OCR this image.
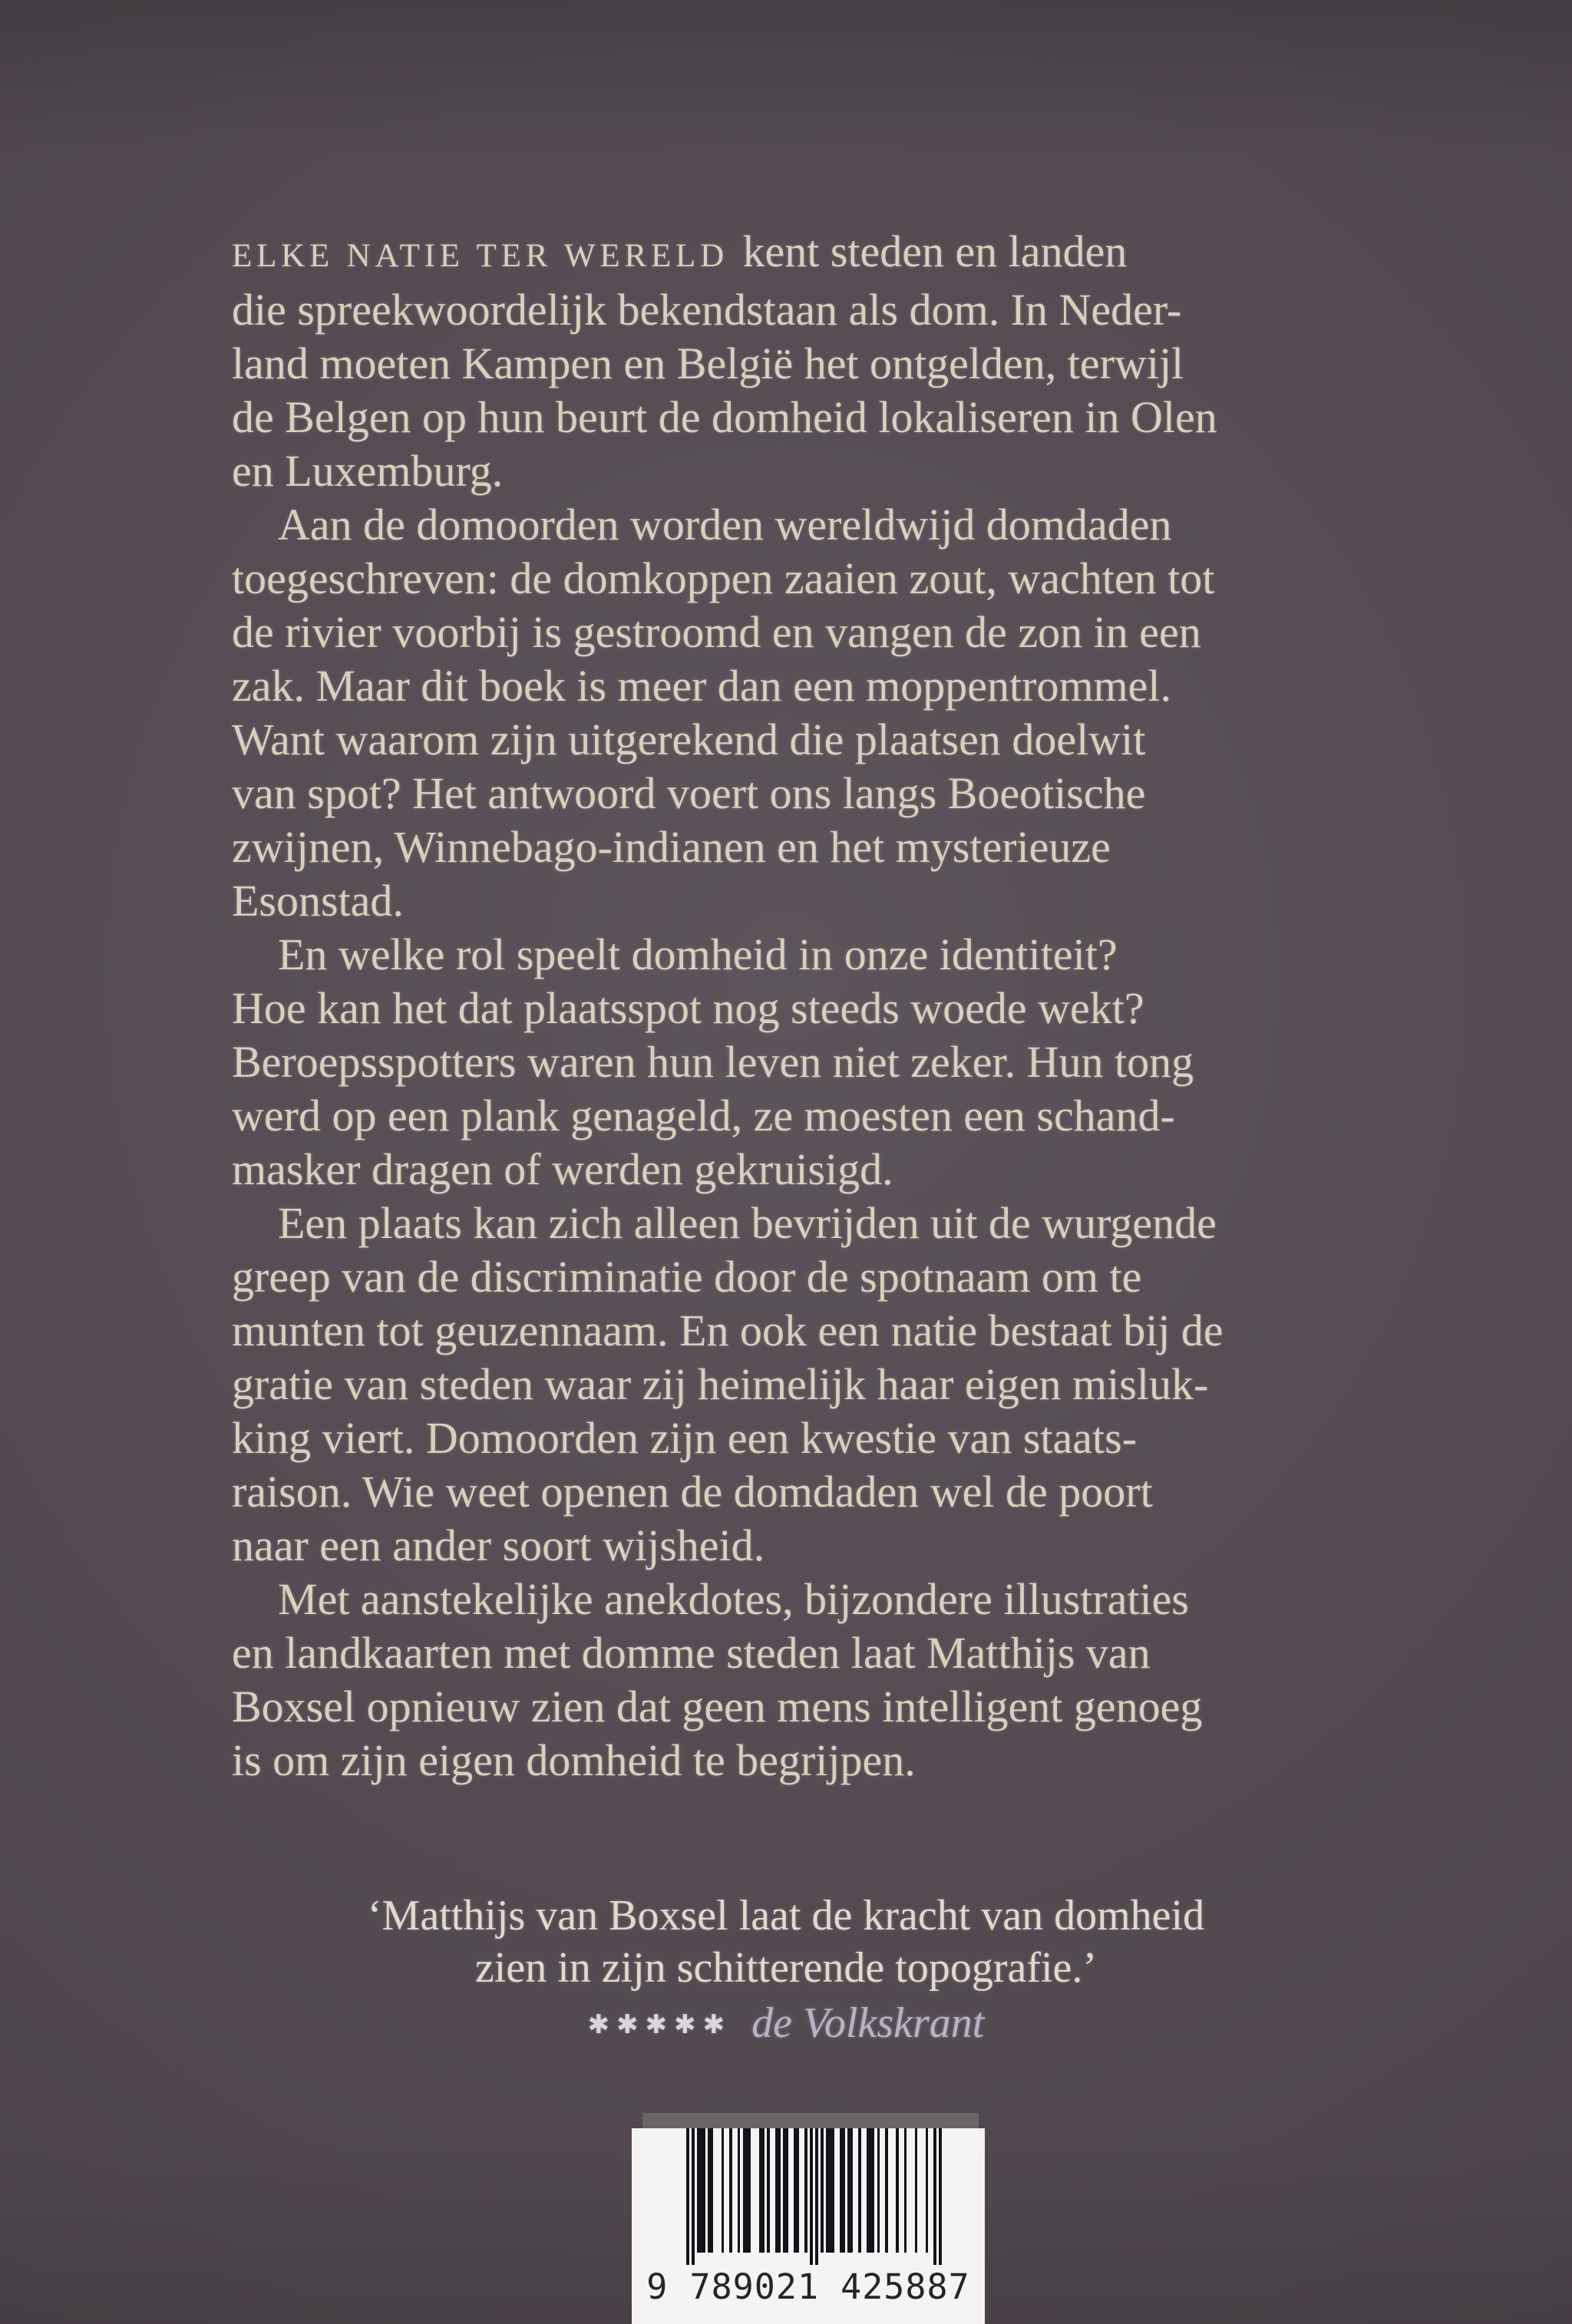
ELKE NATIE TER WERELD kent steden en landen
die spreekwoordelijk bekendstaan als dom. In Neder-
land moeten Kampen en België het ontgelden, terwijl
de Belgen op hun beurt de domheid lokaliseren in Olen
en Luxemburg.
Aan de domoorden worden wereldwijd domdaden
toegeschreven: de domkoppen zaaien zout, wachten tot
de rivier voorbij is gestroomd en vangen de zon in een
zak. Maar dit boek is meer dan een moppentrommel.
Want waarom zijn uitgerekend die plaatsen doelwit
van spot? Het antwoord voert ons langs Boeotische
zwijnen, Winnebago-indianen en het mysterieuze
Esonstad.
En welke rol speelt domheid in onze identiteit?
Hoe kan het dat plaatsspot nog steeds woede wekt?
Beroepsspotters waren hun leven niet zeker. Hun tong
werd op een plank genageld, ze moesten een schand-
masker dragen of werden gekruisigd.
Een plaats kan zich alleen bevrijden uit de wurgende
greep van de discriminatie door de spotnaam om te
munten tot geuzennaam. En ook een natie bestaat bij de
gratie van steden waar zij heimelijk haar eigen misluk-
king viert. Domoorden zijn een kwestie van staats-
raison. Wie weet openen de domdaden wel de poort
naar een ander soort wijsheid.
Met aanstekelijke anekdotes, bijzondere illustraties
en landkaarten met domme steden laat Matthijs van
Boxsel opnieuw zien dat geen mens intelligent genoeg
is om zijn eigen domheid te begrijpen.
‘Matthijs van Boxsel laat de kracht van domheid
zien in zijn schitterende topografie.’
✱✱✱✱✱ de Volkskrant
9 789021 425887
